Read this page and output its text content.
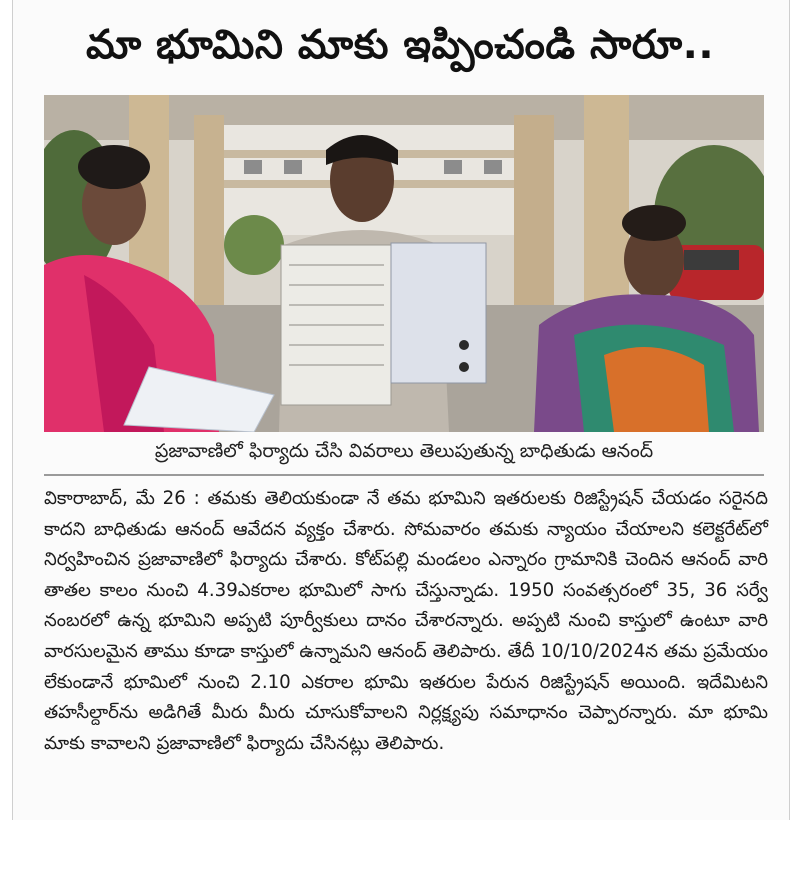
మా భూమిని మాకు ఇప్పించండి సారూ..
ప్రజావాణిలో ఫిర్యాదు చేసి వివరాలు తెలుపుతున్న బాధితుడు ఆనంద్

వికారాబాద్, మే 26 : తమకు తెలియకుండా నే తమ భూమిని ఇతరులకు రిజిస్ట్రేషన్ చేయడం సరైనది కాదని బాధితుడు ఆనంద్ ఆవేదన వ్యక్తం చేశారు. సోమవారం తమకు న్యాయం చేయాలని కలెక్టరేట్‌లో నిర్వహించిన ప్రజావాణిలో ఫిర్యాదు చేశారు. కోట్‌పల్లి మండలం ఎన్నారం గ్రామానికి చెందిన ఆనంద్ వారి తాతల కాలం నుంచి 4.39ఎకరాల భూమిలో సాగు చేస్తున్నాడు. 1950 సంవత్సరంలో 35, 36 సర్వే నంబరలో ఉన్న భూమిని అప్పటి పూర్వీకులు దానం చేశారన్నారు. అప్పటి నుంచి కాస్తులో ఉంటూ వారి వారసులమైన తాము కూడా కాస్తులో ఉన్నామని ఆనంద్ తెలిపారు. తేదీ 10/10/2024న తమ ప్రమేయం లేకుండానే భూమిలో నుంచి 2.10 ఎకరాల భూమి ఇతరుల పేరున రిజిస్ట్రేషన్ అయింది. ఇదేమిటని తహసీల్దార్‌ను అడిగితే మీరు మీరు చూసుకోవాలని నిర్లక్ష్యపు సమాధానం చెప్పారన్నారు. మా భూమి మాకు కావాలని ప్రజావాణిలో ఫిర్యాదు చేసినట్లు తెలిపారు.
